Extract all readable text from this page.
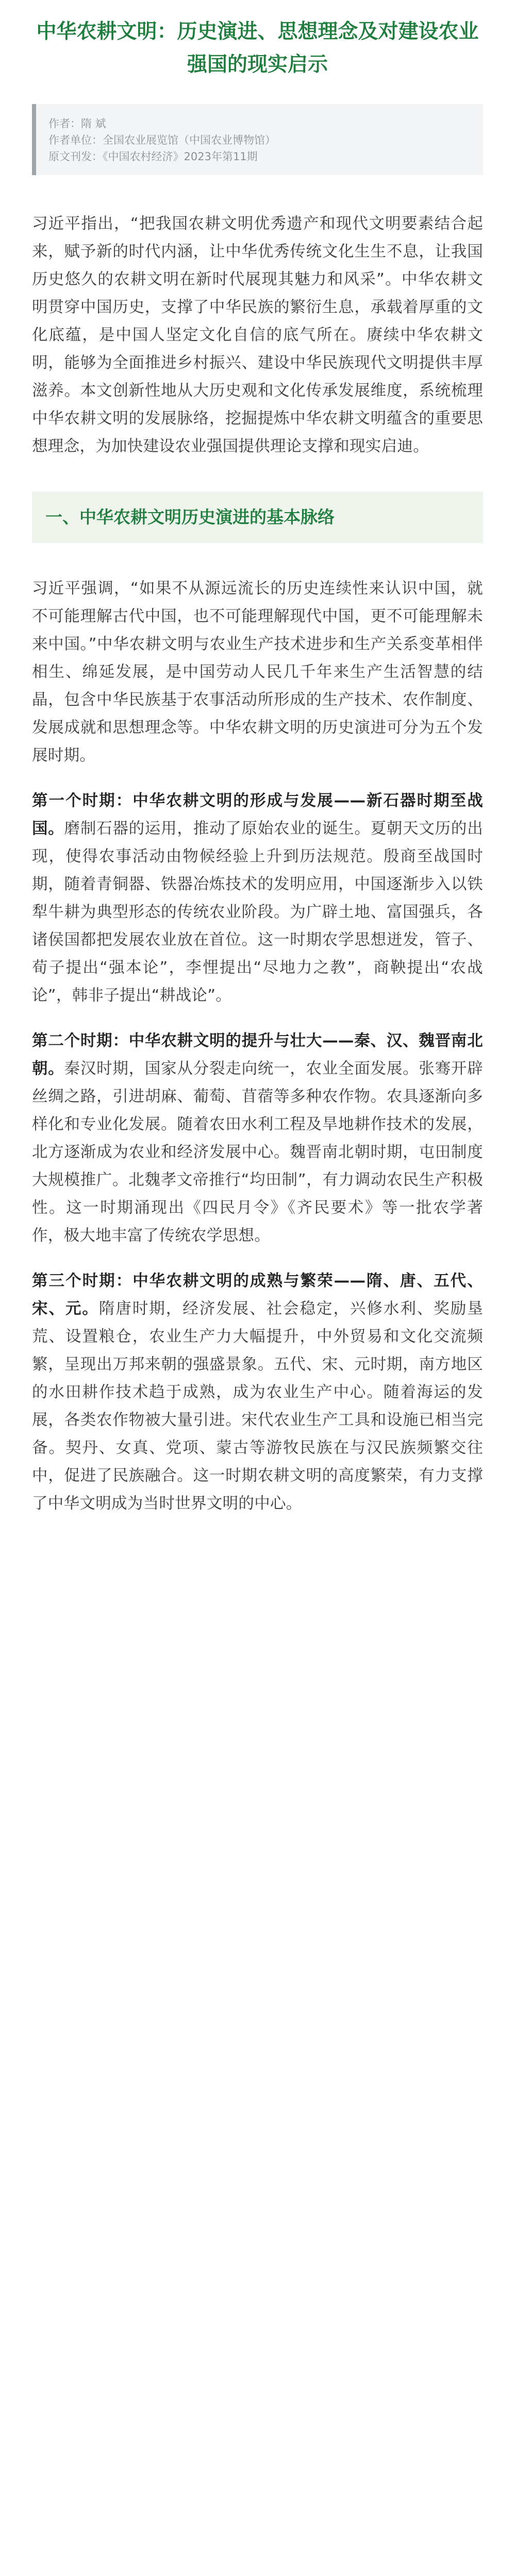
中华农耕文明：历史演进、思想理念及对建设农业强国的现实启示
作者：隋 斌
作者单位：全国农业展览馆（中国农业博物馆）
原文刊发：《中国农村经济》2023年第11期

习近平指出，“把我国农耕文明优秀遗产和现代文明要素结合起来，赋予新的时代内涵，让中华优秀传统文化生生不息，让我国历史悠久的农耕文明在新时代展现其魅力和风采”。中华农耕文明贯穿中国历史，支撑了中华民族的繁衍生息，承载着厚重的文化底蕴，是中国人坚定文化自信的底气所在。赓续中华农耕文明，能够为全面推进乡村振兴、建设中华民族现代文明提供丰厚滋养。本文创新性地从大历史观和文化传承发展维度，系统梳理中华农耕文明的发展脉络，挖掘提炼中华农耕文明蕴含的重要思想理念，为加快建设农业强国提供理论支撑和现实启迪。

一、中华农耕文明历史演进的基本脉络

习近平强调，“如果不从源远流长的历史连续性来认识中国，就不可能理解古代中国，也不可能理解现代中国，更不可能理解未来中国。”中华农耕文明与农业生产技术进步和生产关系变革相伴相生、绵延发展，是中国劳动人民几千年来生产生活智慧的结晶，包含中华民族基于农事活动所形成的生产技术、农作制度、发展成就和思想理念等。中华农耕文明的历史演进可分为五个发展时期。

第一个时期：中华农耕文明的形成与发展——新石器时期至战国。磨制石器的运用，推动了原始农业的诞生。夏朝天文历的出现，使得农事活动由物候经验上升到历法规范。殷商至战国时期，随着青铜器、铁器冶炼技术的发明应用，中国逐渐步入以铁犁牛耕为典型形态的传统农业阶段。为广辟土地、富国强兵，各诸侯国都把发展农业放在首位。这一时期农学思想迸发，管子、荀子提出“强本论”，李悝提出“尽地力之教”，商鞅提出“农战论”，韩非子提出“耕战论”。

第二个时期：中华农耕文明的提升与壮大——秦、汉、魏晋南北朝。秦汉时期，国家从分裂走向统一，农业全面发展。张骞开辟丝绸之路，引进胡麻、葡萄、苜蓿等多种农作物。农具逐渐向多样化和专业化发展。随着农田水利工程及旱地耕作技术的发展，北方逐渐成为农业和经济发展中心。魏晋南北朝时期，屯田制度大规模推广。北魏孝文帝推行“均田制”，有力调动农民生产积极性。这一时期涌现出《四民月令》《齐民要术》等一批农学著作，极大地丰富了传统农学思想。

第三个时期：中华农耕文明的成熟与繁荣——隋、唐、五代、宋、元。隋唐时期，经济发展、社会稳定，兴修水利、奖励垦荒、设置粮仓，农业生产力大幅提升，中外贸易和文化交流频繁，呈现出万邦来朝的强盛景象。五代、宋、元时期，南方地区的水田耕作技术趋于成熟，成为农业生产中心。随着海运的发展，各类农作物被大量引进。宋代农业生产工具和设施已相当完备。契丹、女真、党项、蒙古等游牧民族在与汉民族频繁交往中，促进了民族融合。这一时期农耕文明的高度繁荣，有力支撑了中华文明成为当时世界文明的中心。
